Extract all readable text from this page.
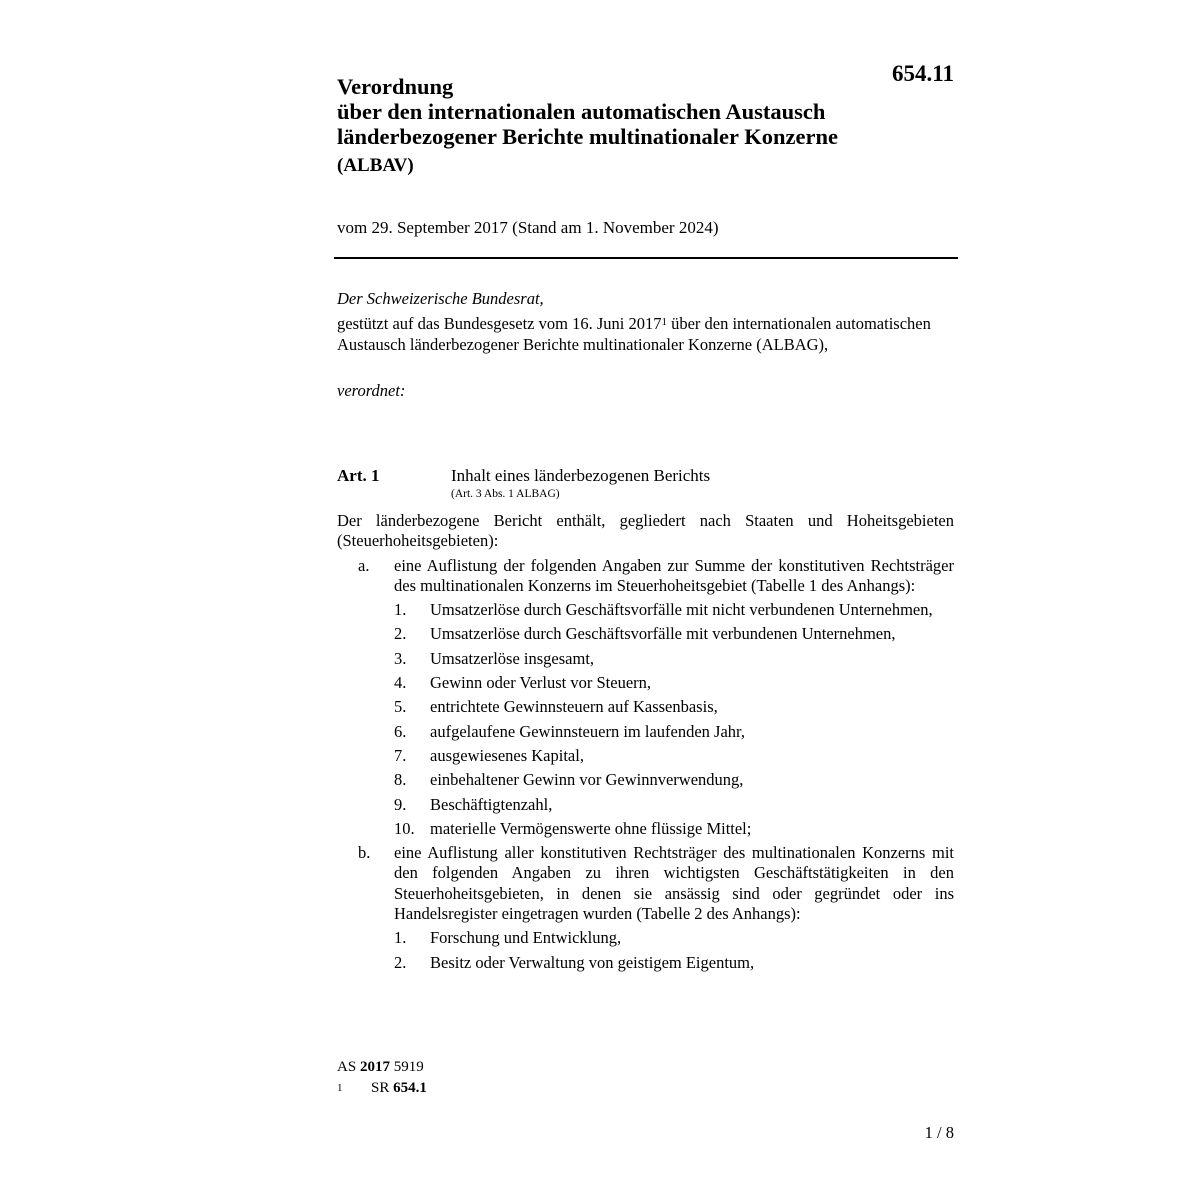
654.11
Verordnung
über den internationalen automatischen Austausch
länderbezogener Berichte multinationaler Konzerne
(ALBAV)
vom 29. September 2017 (Stand am 1. November 2024)
Der Schweizerische Bundesrat,
gestützt auf das Bundesgesetz vom 16. Juni 2017$^1$ über den internationalen automatischen Austausch länderbezogener Berichte multinationaler Konzerne (ALBAG),
verordnet:
Art. 1	Inhalt eines länderbezogenen Berichts
(Art. 3 Abs. 1 ALBAG)
Der länderbezogene Bericht enthält, gegliedert nach Staaten und Hoheitsgebieten (Steuerhoheitsgebieten):
a. eine Auflistung der folgenden Angaben zur Summe der konstitutiven Rechtsträger des multinationalen Konzerns im Steuerhoheitsgebiet (Tabelle 1 des Anhangs):
1. Umsatzerlöse durch Geschäftsvorfälle mit nicht verbundenen Unternehmen,
2. Umsatzerlöse durch Geschäftsvorfälle mit verbundenen Unternehmen,
3. Umsatzerlöse insgesamt,
4. Gewinn oder Verlust vor Steuern,
5. entrichtete Gewinnsteuern auf Kassenbasis,
6. aufgelaufene Gewinnsteuern im laufenden Jahr,
7. ausgewiesenes Kapital,
8. einbehaltener Gewinn vor Gewinnverwendung,
9. Beschäftigtenzahl,
10. materielle Vermögenswerte ohne flüssige Mittel;
b. eine Auflistung aller konstitutiven Rechtsträger des multinationalen Konzerns mit den folgenden Angaben zu ihren wichtigsten Geschäftstätigkeiten in den Steuerhoheitsgebieten, in denen sie ansässig sind oder gegründet oder ins Handelsregister eingetragen wurden (Tabelle 2 des Anhangs):
1. Forschung und Entwicklung,
2. Besitz oder Verwaltung von geistigem Eigentum,
AS 2017 5919
1 SR 654.1
1 / 8
